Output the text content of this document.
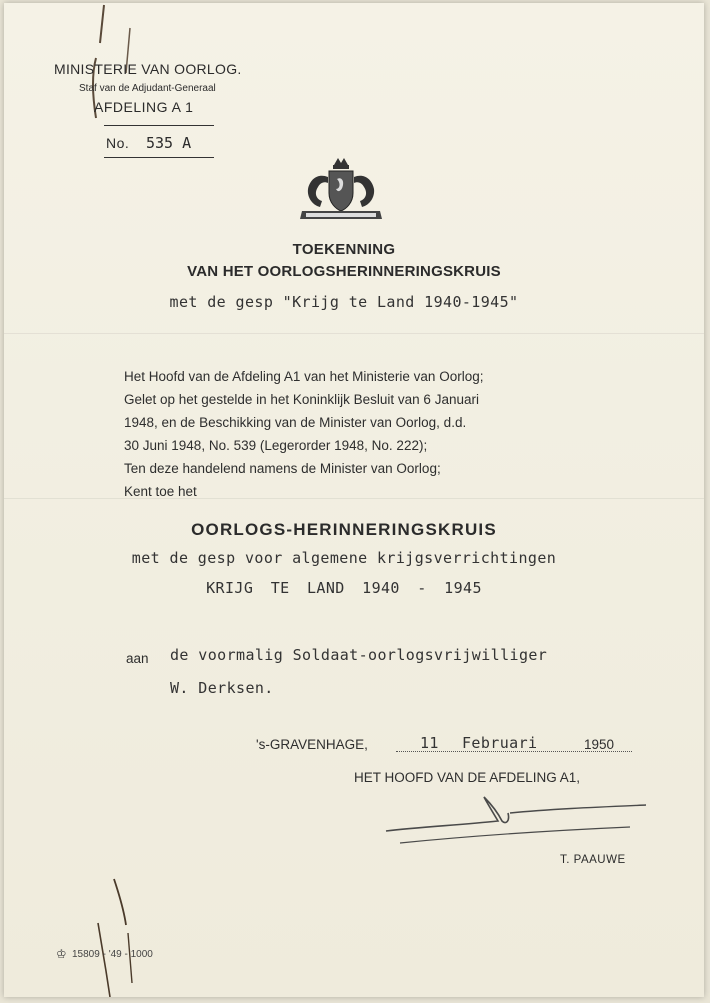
MINISTERIE VAN OORLOG.
Staf van de Adjudant-Generaal
AFDELING A 1
No. 535 A
TOEKENNING
VAN HET OORLOGSHERINNERINGSKRUIS
met de gesp "Krijg te Land 1940-1945"
Het Hoofd van de Afdeling A1 van het Ministerie van Oorlog;
Gelet op het gestelde in het Koninklijk Besluit van 6 Januari
1948, en de Beschikking van de Minister van Oorlog, d.d.
30 Juni 1948, No. 539 (Legerorder 1948, No. 222);
Ten deze handelend namens de Minister van Oorlog;
Kent toe het
OORLOGS-HERINNERINGSKRUIS
met de gesp voor algemene krijgsverrichtingen
KRIJG TE LAND 1940 - 1945
aan de voormalig Soldaat-oorlogsvrijwilliger
W. Derksen.
's-GRAVENHAGE,	11 Februari	1950
HET HOOFD VAN DE AFDELING A1,
T. PAAUWE
♔ 15809 - '49 - 1000
